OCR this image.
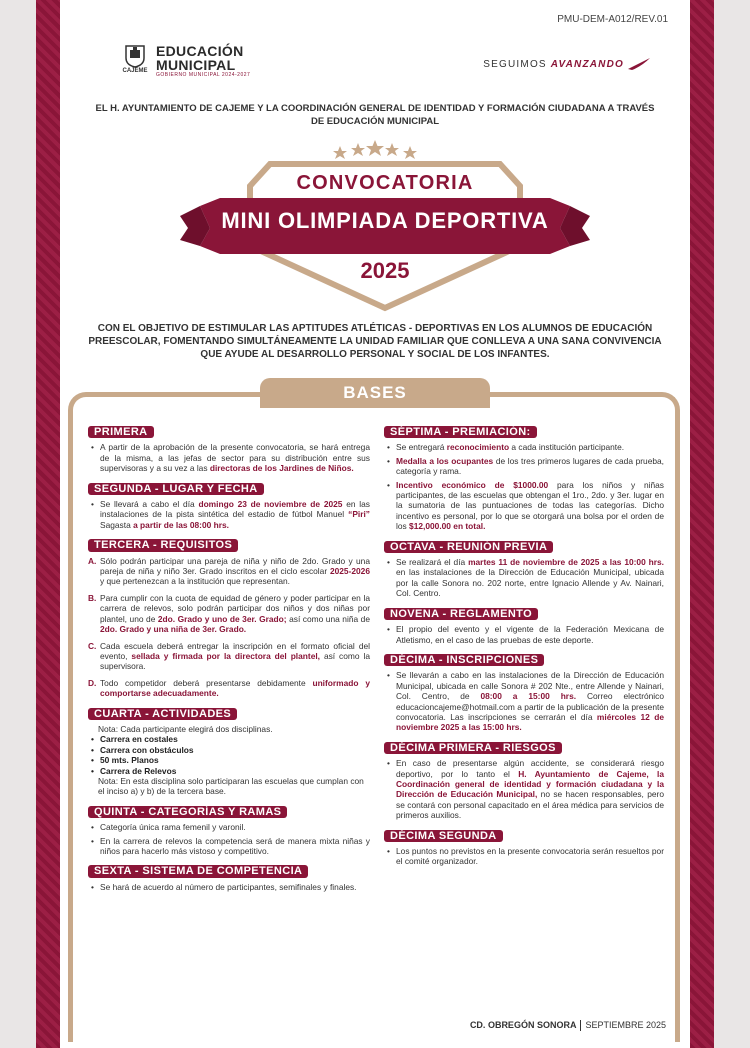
PMU-DEM-A012/REV.01
CAJEME
EDUCACIÓN
MUNICIPAL
GOBIERNO MUNICIPAL 2024-2027
SEGUIMOS AVANZANDO
EL H. AYUNTAMIENTO DE CAJEME Y LA COORDINACIÓN GENERAL DE IDENTIDAD Y FORMACIÓN CIUDADANA A TRAVÉS DE EDUCACIÓN MUNICIPAL
CONVOCATORIA
MINI OLIMPIADA DEPORTIVA
2025
CON EL OBJETIVO DE ESTIMULAR LAS APTITUDES ATLÉTICAS - DEPORTIVAS EN LOS ALUMNOS DE EDUCACIÓN PREESCOLAR, FOMENTANDO SIMULTÁNEAMENTE LA UNIDAD FAMILIAR QUE CONLLEVA A UNA SANA CONVIVENCIA QUE AYUDE AL DESARROLLO PERSONAL Y SOCIAL DE LOS INFANTES.
BASES
PRIMERA
• A partir de la aprobación de la presente convocatoria, se hará entrega de la misma, a las jefas de sector para su distribución entre sus supervisoras y a su vez a las directoras de los Jardines de Niños.
SEGUNDA - LUGAR Y FECHA
• Se llevará a cabo el día domingo 23 de noviembre de 2025 en las instalaciones de la pista sintética del estadio de fútbol Manuel “Piri” Sagasta a partir de las 08:00 hrs.
TERCERA - REQUISITOS
A. Sólo podrán participar una pareja de niña y niño de 2do. Grado y una pareja de niña y niño 3er. Grado inscritos en el ciclo escolar 2025-2026 y que pertenezcan a la institución que representan.
B. Para cumplir con la cuota de equidad de género y poder participar en la carrera de relevos, solo podrán participar dos niños y dos niñas por plantel, uno de 2do. Grado y uno de 3er. Grado; así como una niña de 2do. Grado y una niña de 3er. Grado.
C. Cada escuela deberá entregar la inscripción en el formato oficial del evento, sellada y firmada por la directora del plantel, así como la supervisora.
D. Todo competidor deberá presentarse debidamente uniformado y comportarse adecuadamente.
CUARTA - ACTIVIDADES
Nota: Cada participante elegirá dos disciplinas.
• Carrera en costales
• Carrera con obstáculos
• 50 mts. Planos
• Carrera de Relevos
Nota: En esta disciplina solo participaran las escuelas que cumplan con el inciso a) y b) de la tercera base.
QUINTA - CATEGORÍAS Y RAMAS
• Categoría única rama femenil y varonil.
• En la carrera de relevos la competencia será de manera mixta niñas y niños para hacerlo más vistoso y competitivo.
SEXTA - SISTEMA DE COMPETENCIA
• Se hará de acuerdo al número de participantes, semifinales y finales.
SÉPTIMA - PREMIACIÓN:
• Se entregará reconocimiento a cada institución participante.
• Medalla a los ocupantes de los tres primeros lugares de cada prueba, categoría y rama.
• Incentivo económico de $1000.00 para los niños y niñas participantes, de las escuelas que obtengan el 1ro., 2do. y 3er. lugar en la sumatoria de las puntuaciones de todas las categorías. Dicho incentivo es personal, por lo que se otorgará una bolsa por el orden de los $12,000.00 en total.
OCTAVA - REUNIÓN PREVIA
• Se realizará el día martes 11 de noviembre de 2025 a las 10:00 hrs. en las instalaciones de la Dirección de Educación Municipal, ubicada por la calle Sonora no. 202 norte, entre Ignacio Allende y Av. Nainari, Col. Centro.
NOVENA - REGLAMENTO
• El propio del evento y el vigente de la Federación Mexicana de Atletismo, en el caso de las pruebas de este deporte.
DÉCIMA - INSCRIPCIONES
• Se llevarán a cabo en las instalaciones de la Dirección de Educación Municipal, ubicada en calle Sonora # 202 Nte., entre Allende y Nainari, Col. Centro, de 08:00 a 15:00 hrs. Correo electrónico educacioncajeme@hotmail.com a partir de la publicación de la presente convocatoria. Las inscripciones se cerrarán el día miércoles 12 de noviembre 2025 a las 15:00 hrs.
DÉCIMA PRIMERA - RIESGOS
• En caso de presentarse algún accidente, se considerará riesgo deportivo, por lo tanto el H. Ayuntamiento de Cajeme, la Coordinación general de identidad y formación ciudadana y la Dirección de Educación Municipal, no se hacen responsables, pero se contará con personal capacitado en el área médica para servicios de primeros auxilios.
DÉCIMA SEGUNDA
• Los puntos no previstos en la presente convocatoria serán resueltos por el comité organizador.
CD. OBREGÓN SONORA SEPTIEMBRE 2025
